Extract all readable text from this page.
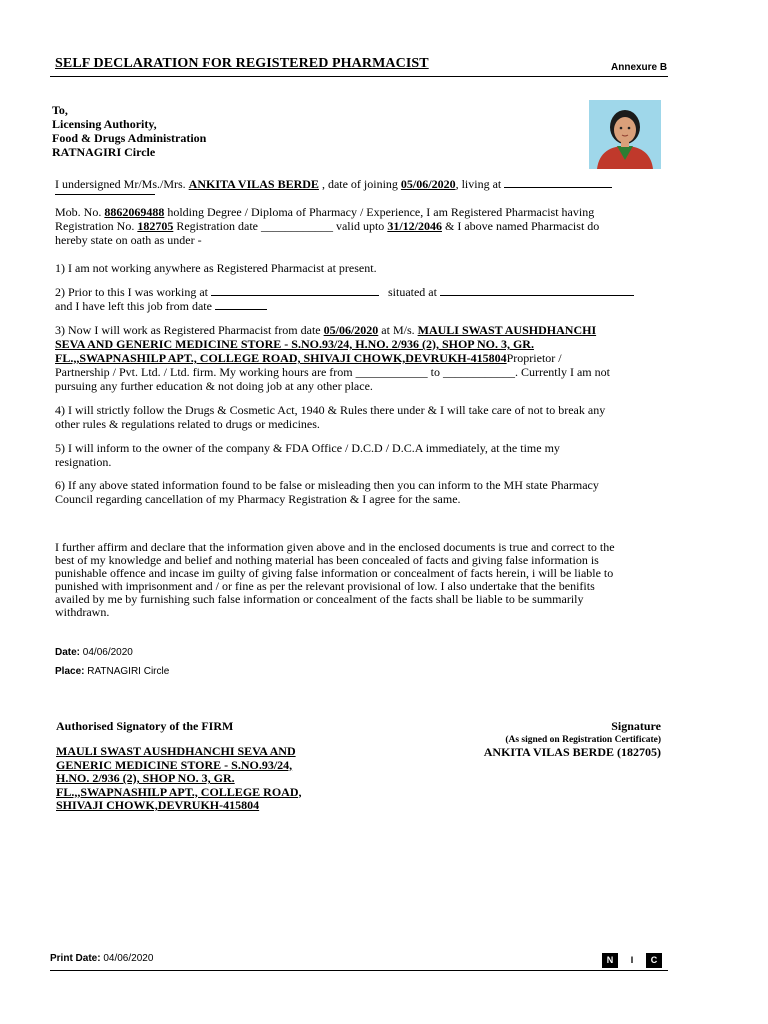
SELF DECLARATION FOR REGISTERED PHARMACIST	Annexure B
To,
Licensing Authority,
Food & Drugs Administration
RATNAGIRI Circle
I undersigned Mr/Ms./Mrs. ANKITA VILAS BERDE , date of joining 05/06/2020, living at
Mob. No. 8862069488 holding Degree / Diploma of Pharmacy / Experience, I am Registered Pharmacist having
Registration No. 182705 Registration date ____________ valid upto 31/12/2046 & I above named Pharmacist do
hereby state on oath as under -
1) I am not working anywhere as Registered Pharmacist at present.
2) Prior to this I was working at	situated at
and I have left this job from date
3) Now I will work as Registered Pharmacist from date 05/06/2020 at M/s. MAULI SWAST AUSHDHANCHI
SEVA AND GENERIC MEDICINE STORE - S.NO.93/24, H.NO. 2/936 (2), SHOP NO. 3, GR.
FL.,,SWAPNASHILP APT., COLLEGE ROAD, SHIVAJI CHOWK,DEVRUKH-415804Proprietor /
Partnership / Pvt. Ltd. / Ltd. firm. My working hours are from ____________ to ____________. Currently I am not
pursuing any further education & not doing job at any other place.
4) I will strictly follow the Drugs & Cosmetic Act, 1940 & Rules there under & I will take care of not to break any
other rules & regulations related to drugs or medicines.
5) I will inform to the owner of the company & FDA Office / D.C.D / D.C.A immediately, at the time my
resignation.
6) If any above stated information found to be false or misleading then you can inform to the MH state Pharmacy
Council regarding cancellation of my Pharmacy Registration & I agree for the same.
I further affirm and declare that the information given above and in the enclosed documents is true and correct to the
best of my knowledge and belief and nothing material has been concealed of facts and giving false information is
punishable offence and incase im guilty of giving false information or concealment of facts herein, i will be liable to
punished with imprisonment and / or fine as per the relevant provisional of low. I also undertake that the benifits
availed by me by furnishing such false information or concealment of the facts shall be liable to be summarily
withdrawn.
Date: 04/06/2020
Place: RATNAGIRI Circle
Authorised Signatory of the FIRM
MAULI SWAST AUSHDHANCHI SEVA AND
GENERIC MEDICINE STORE - S.NO.93/24,
H.NO. 2/936 (2), SHOP NO. 3, GR.
FL.,,SWAPNASHILP APT., COLLEGE ROAD,
SHIVAJI CHOWK,DEVRUKH-415804
Signature
(As signed on Registration Certificate)
ANKITA VILAS BERDE (182705)
Print Date: 04/06/2020	N	I	C
